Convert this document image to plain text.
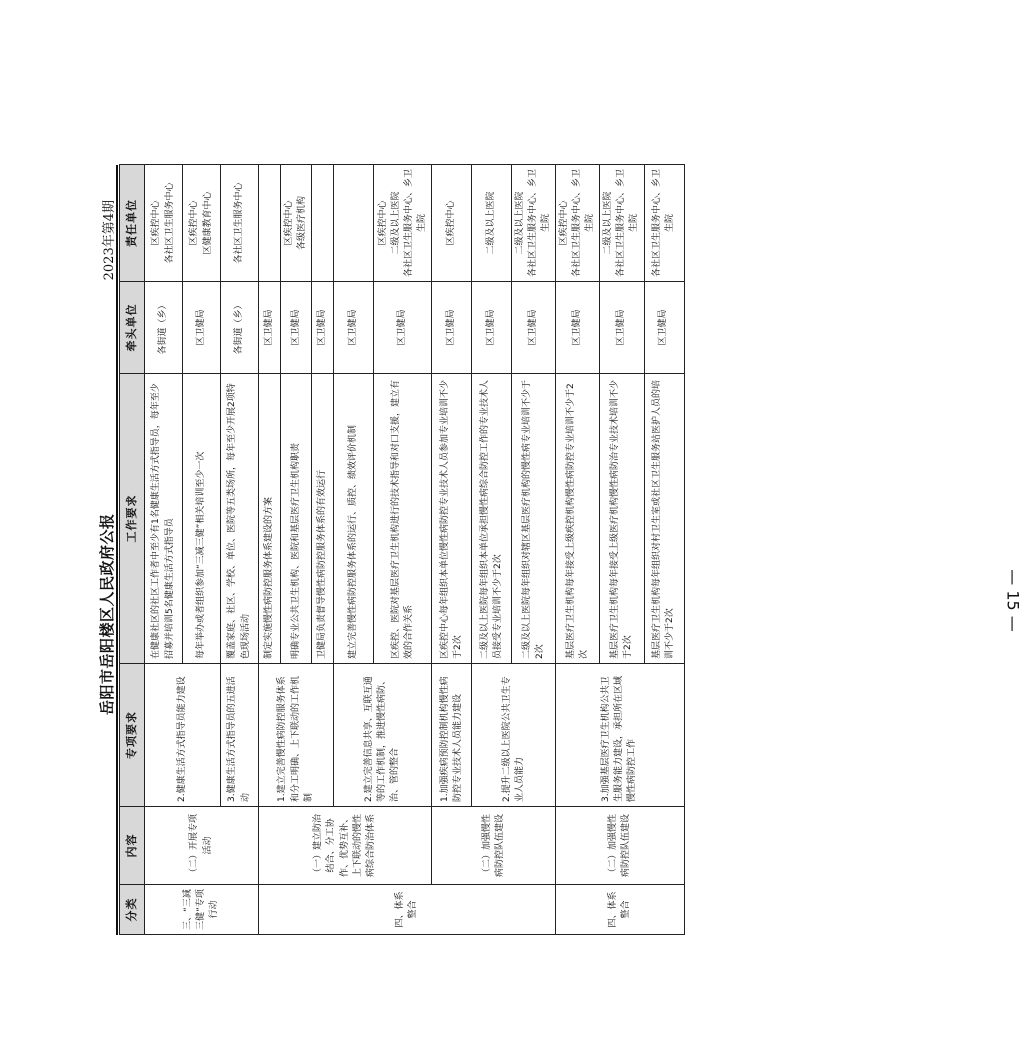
岳阳市岳阳楼区人民政府公报
2023年第4期
分类	内容	专项要求	工作要求	牵头单位	责任单位
三、“三减三健”专项行动	（二）开展专项活动	2.健康生活方式指导员能力建设	在健康社区的社区工作者中至少有1名健康生活方式指导员，每年至少招募并培训5名健康生活方式指导员	各街道（乡）	区疾控中心
各社区卫生服务中心
			每年举办或者组织参加“三减三健”相关培训至少一次	区卫健局	区疾控中心
区健康教育中心
		3.健康生活方式指导员的五进活动	覆盖家庭、社区、学校、单位、医院等五类场所，每年至少开展2项特色现场活动	各街道（乡）	各社区卫生服务中心
四、体系整合	（一）建立防治结合、分工协作、优势互补、上下联动的慢性病综合防治体系	1.建立完善慢性病防控服务体系和分工明确、上下联动的工作机制	制定实施慢性病防控服务体系建设的方案	区卫健局	
			明确专业公共卫生机构、医院和基层医疗卫生机构职责	区卫健局	区疾控中心
各级医疗机构
			卫健局负责督导慢性病防控服务体系的有效运行	区卫健局	
		2.建立完善信息共享、互联互通等的工作机制，推进慢性病防、治、管的整合	建立完善慢性病防控服务体系的运行、质控、绩效评价机制	区卫健局	
			区疾控、医院对基层医疗卫生机构进行的技术指导和对口支援，建立有效的合作关系	区卫健局	区疾控中心
二级及以上医院
各社区卫生服务中心、乡卫生院
	（二）加强慢性病防控队伍建设	1.加强疾病预防控制机构慢性病防控专业技术人员能力建设	区疾控中心每年组织本单位慢性病防控专业技术人员参加专业培训不少于2次	区卫健局	区疾控中心
		2.提升二级以上医院公共卫生专业人员能力	二级及以上医院每年组织本单位承担慢性病综合防控工作的专业技术人员接受专业培训不少于2次	区卫健局	二级及以上医院
			二级及以上医院每年组织对辖区基层医疗机构的慢性病专业培训不少于2次	区卫健局	二级及以上医院
各社区卫生服务中心、乡卫生院
四、体系整合	（二）加强慢性病防控队伍建设	3.加强基层医疗卫生机构公共卫生服务能力建设，承担所在区域慢性病防控工作	基层医疗卫生机构每年接受上级疾控机构慢性病防控专业培训不少于2次	区卫健局	区疾控中心
各社区卫生服务中心、乡卫生院
			基层医疗卫生机构每年接受上级医疗机构慢性病防治专业技术培训不少于2次	区卫健局	二级及以上医院
各社区卫生服务中心、乡卫生院
			基层医疗卫生机构每年组织对村卫生室或社区卫生服务站医护人员的培训不少于2次	区卫健局	各社区卫生服务中心、乡卫生院
— 15 —
